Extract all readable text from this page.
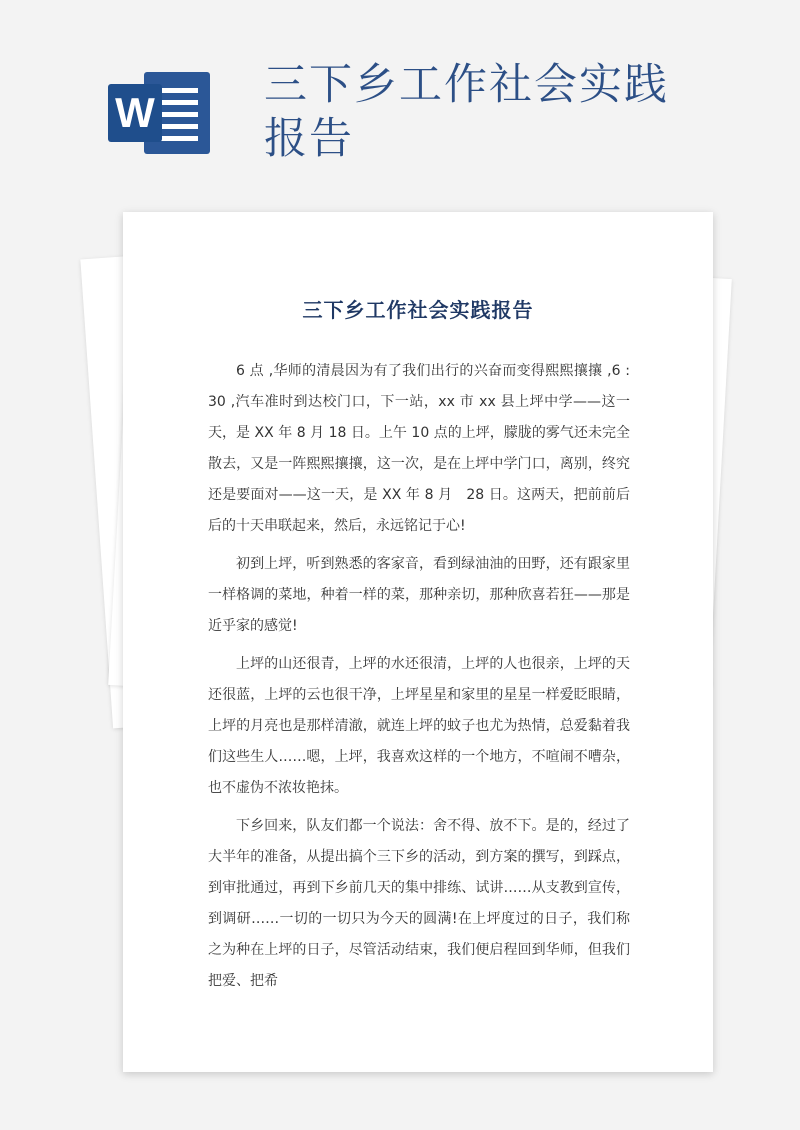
W
三下乡工作社会实践报告
三下乡工作社会实践报告

6 点 ,华师的清晨因为有了我们出行的兴奋而变得熙熙攘攘 ,6 : 30 ,汽车准时到达校门口，下一站，xx 市 xx 县上坪中学——这一天，是 XX 年 8 月 18 日。上午 10 点的上坪，朦胧的雾气还未完全散去，又是一阵熙熙攘攘，这一次，是在上坪中学门口，离别，终究还是要面对——这一天，是 XX 年 8 月　28 日。这两天，把前前后后的十天串联起来，然后，永远铭记于心!

初到上坪，听到熟悉的客家音，看到绿油油的田野，还有跟家里一样格调的菜地，种着一样的菜，那种亲切，那种欣喜若狂——那是近乎家的感觉!

上坪的山还很青，上坪的水还很清，上坪的人也很亲，上坪的天还很蓝，上坪的云也很干净，上坪星星和家里的星星一样爱眨眼睛，上坪的月亮也是那样清澈，就连上坪的蚊子也尤为热情，总爱黏着我们这些生人……嗯，上坪，我喜欢这样的一个地方，不喧闹不嘈杂，也不虚伪不浓妆艳抹。

下乡回来，队友们都一个说法：舍不得、放不下。是的，经过了大半年的准备，从提出搞个三下乡的活动，到方案的撰写，到踩点，到审批通过，再到下乡前几天的集中排练、试讲……从支教到宣传，到调研……一切的一切只为今天的圆满!在上坪度过的日子，我们称之为种在上坪的日子，尽管活动结束，我们便启程回到华师，但我们把爱、把希
